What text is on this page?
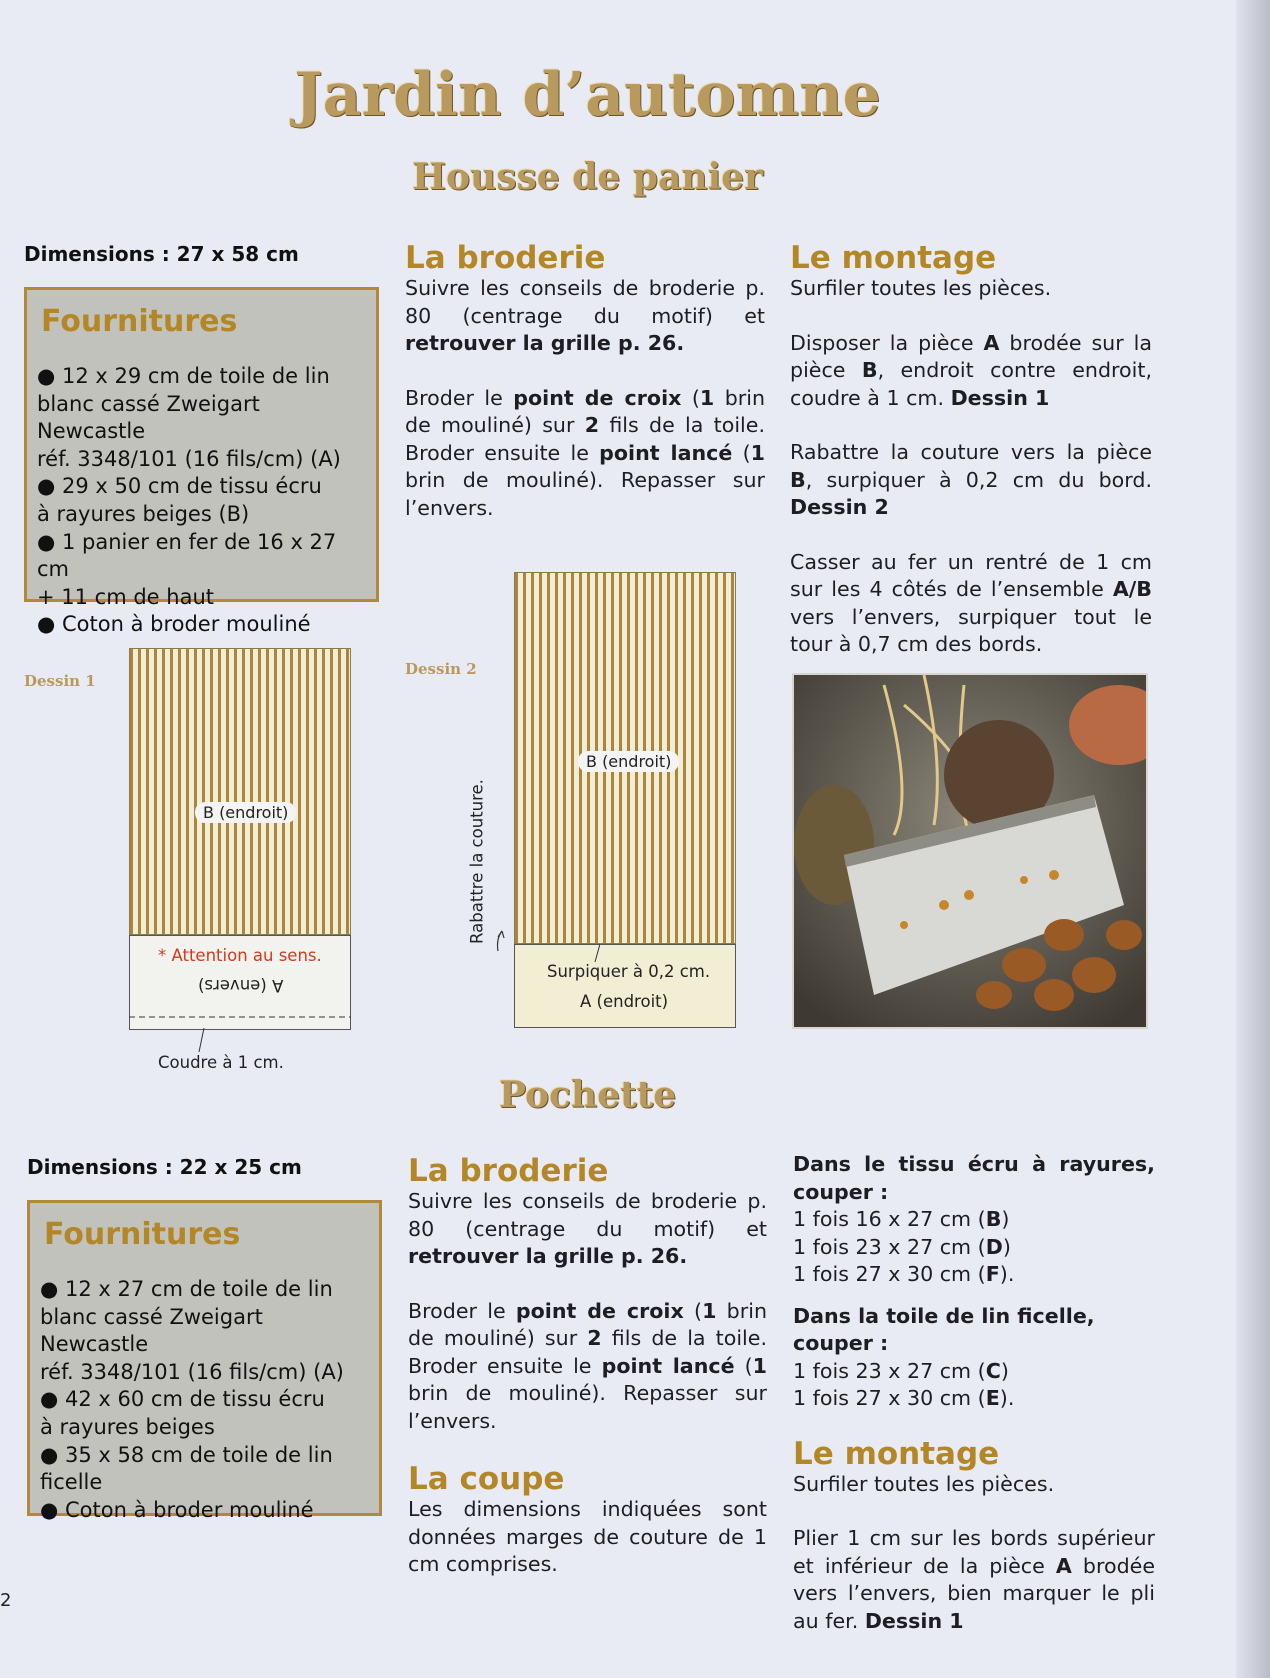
Jardin d’automne
Housse de panier
Dimensions : 27 x 58 cm
Fournitures
● 12 x 29 cm de toile de lin
blanc cassé Zweigart Newcastle
réf. 3348/101 (16 fils/cm) (A)
● 29 x 50 cm de tissu écru
à rayures beiges (B)
● 1 panier en fer de 16 x 27 cm
+ 11 cm de haut
● Coton à broder mouliné
La broderie

Suivre les conseils de broderie p. 80 (centrage du motif) et retrouver la grille p. 26.

Broder le point de croix (1 brin de mouliné) sur 2 fils de la toile. Broder ensuite le point lancé (1 brin de mouliné). Repasser sur l’envers.

Le montage

Surfiler toutes les pièces.

Disposer la pièce A brodée sur la pièce B, endroit contre endroit, coudre à 1 cm. Dessin 1

Rabattre la couture vers la pièce B, surpiquer à 0,2 cm du bord. Dessin 2

Casser au fer un rentré de 1 cm sur les 4 côtés de l’ensemble A/B vers l’envers, surpiquer tout le tour à 0,7 cm des bords.

Dessin 1
B (endroit)
* Attention au sens.
A (envers)
Coudre à 1 cm.
Dessin 2
B (endroit)
Surpiquer à 0,2 cm.
A (endroit)
Rabattre la couture.
Pochette
Dimensions : 22 x 25 cm
Fournitures
● 12 x 27 cm de toile de lin
blanc cassé Zweigart Newcastle
réf. 3348/101 (16 fils/cm) (A)
● 42 x 60 cm de tissu écru
à rayures beiges
● 35 x 58 cm de toile de lin
ficelle
● Coton à broder mouliné
La broderie

Suivre les conseils de broderie p. 80 (centrage du motif) et retrouver la grille p. 26.

Broder le point de croix (1 brin de mouliné) sur 2 fils de la toile. Broder ensuite le point lancé (1 brin de mouliné). Repasser sur l’envers.

La coupe

Les dimensions indiquées sont données marges de couture de 1 cm comprises.

Dans le tissu écru à rayures, couper :
1 fois 16 x 27 cm (B)
1 fois 23 x 27 cm (D)
1 fois 27 x 30 cm (F).
Dans la toile de lin ficelle, couper :
1 fois 23 x 27 cm (C)
1 fois 27 x 30 cm (E).
Le montage

Surfiler toutes les pièces.

Plier 1 cm sur les bords supérieur et inférieur de la pièce A brodée vers l’envers, bien marquer le pli au fer. Dessin 1

2
